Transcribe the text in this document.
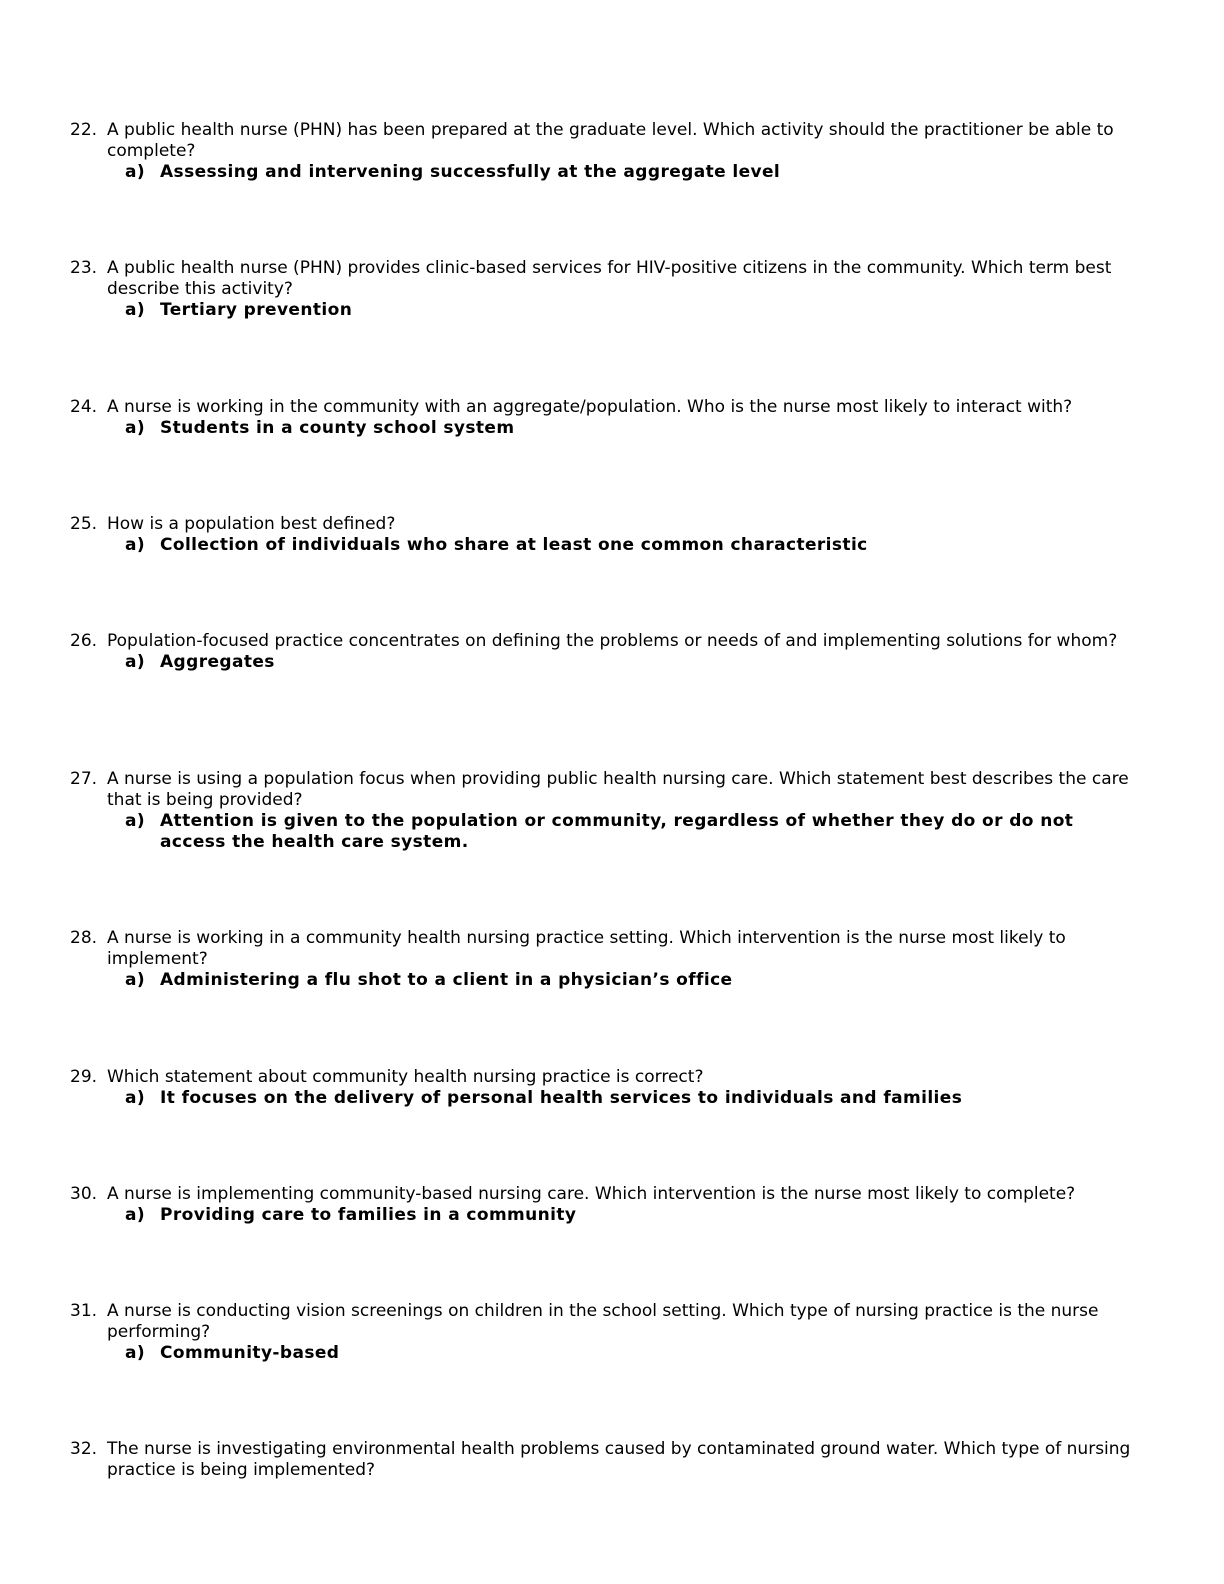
22. A public health nurse (PHN) has been prepared at the graduate level. Which activity should the practitioner be able to complete?
a) Assessing and intervening successfully at the aggregate level
23. A public health nurse (PHN) provides clinic-based services for HIV-positive citizens in the community. Which term best describe this activity?
a) Tertiary prevention
24. A nurse is working in the community with an aggregate/population. Who is the nurse most likely to interact with?
a) Students in a county school system
25. How is a population best defined?
a) Collection of individuals who share at least one common characteristic
26. Population-focused practice concentrates on defining the problems or needs of and implementing solutions for whom?
a) Aggregates
27. A nurse is using a population focus when providing public health nursing care. Which statement best describes the care that is being provided?
a) Attention is given to the population or community, regardless of whether they do or do not access the health care system.
28. A nurse is working in a community health nursing practice setting. Which intervention is the nurse most likely to implement?
a) Administering a flu shot to a client in a physician’s office
29. Which statement about community health nursing practice is correct?
a) It focuses on the delivery of personal health services to individuals and families
30. A nurse is implementing community-based nursing care. Which intervention is the nurse most likely to complete?
a) Providing care to families in a community
31. A nurse is conducting vision screenings on children in the school setting. Which type of nursing practice is the nurse performing?
a) Community-based
32. The nurse is investigating environmental health problems caused by contaminated ground water. Which type of nursing practice is being implemented?
